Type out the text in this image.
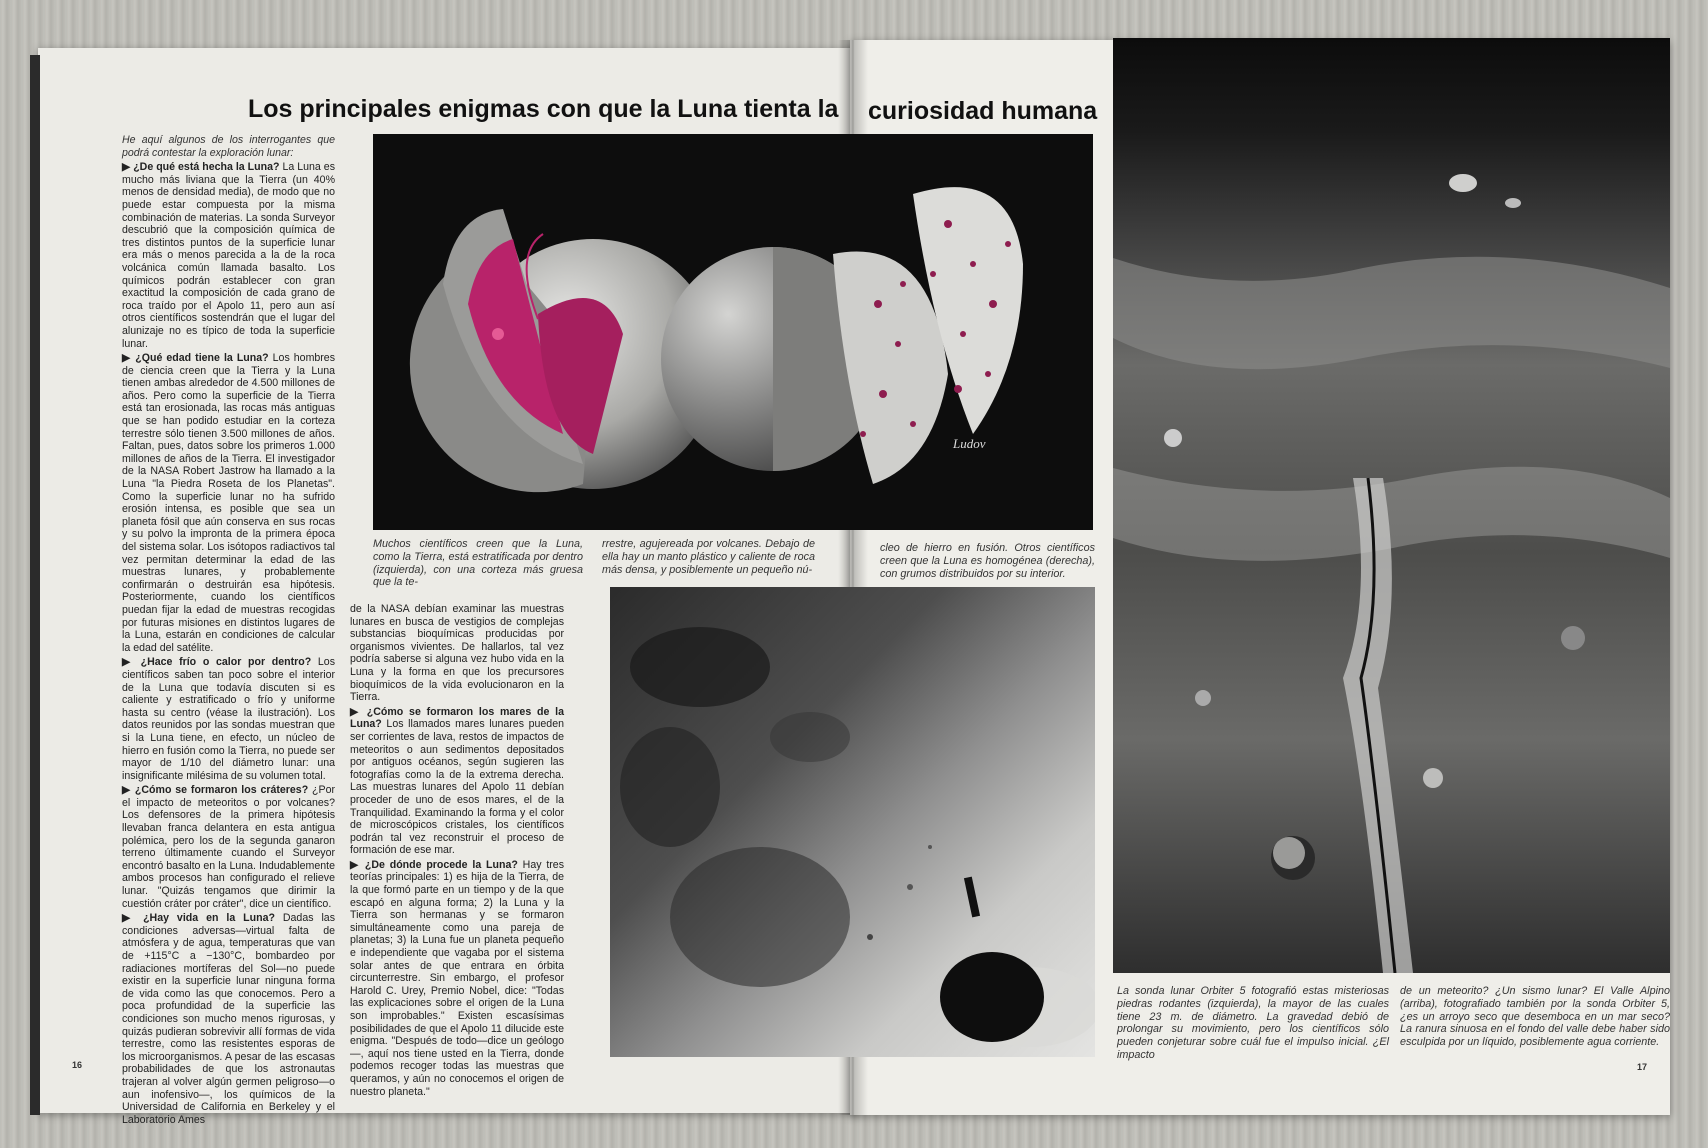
Los principales enigmas con que la Luna tienta la curiosidad humana

He aquí algunos de los interrogantes que podrá contestar la exploración lunar:

▶ ¿De qué está hecha la Luna? La Luna es mucho más liviana que la Tierra (un 40% menos de densidad media), de modo que no puede estar compuesta por la misma combinación de materias. La sonda Surveyor descubrió que la composición química de tres distintos puntos de la superficie lunar era más o menos parecida a la de la roca volcánica común llamada basalto. Los químicos podrán establecer con gran exactitud la composición de cada grano de roca traído por el Apolo 11, pero aun así otros científicos sostendrán que el lugar del alunizaje no es típico de toda la superficie lunar.

▶ ¿Qué edad tiene la Luna? Los hombres de ciencia creen que la Tierra y la Luna tienen ambas alrededor de 4.500 millones de años. Pero como la superficie de la Tierra está tan erosionada, las rocas más antiguas que se han podido estudiar en la corteza terrestre sólo tienen 3.500 millones de años. Faltan, pues, datos sobre los primeros 1.000 millones de años de la Tierra. El investigador de la NASA Robert Jastrow ha llamado a la Luna "la Piedra Roseta de los Planetas". Como la superficie lunar no ha sufrido erosión intensa, es posible que sea un planeta fósil que aún conserva en sus rocas y su polvo la impronta de la primera época del sistema solar. Los isótopos radiactivos tal vez permitan determinar la edad de las muestras lunares, y probablemente confirmarán o destruirán esa hipótesis. Posteriormente, cuando los científicos puedan fijar la edad de muestras recogidas por futuras misiones en distintos lugares de la Luna, estarán en condiciones de calcular la edad del satélite.

▶ ¿Hace frío o calor por dentro? Los científicos saben tan poco sobre el interior de la Luna que todavía discuten si es caliente y estratificado o frío y uniforme hasta su centro (véase la ilustración). Los datos reunidos por las sondas muestran que si la Luna tiene, en efecto, un núcleo de hierro en fusión como la Tierra, no puede ser mayor de 1/10 del diámetro lunar: una insignificante milésima de su volumen total.

▶ ¿Cómo se formaron los cráteres? ¿Por el impacto de meteoritos o por volcanes? Los defensores de la primera hipótesis llevaban franca delantera en esta antigua polémica, pero los de la segunda ganaron terreno últimamente cuando el Surveyor encontró basalto en la Luna. Indudablemente ambos procesos han configurado el relieve lunar. "Quizás tengamos que dirimir la cuestión cráter por cráter", dice un científico.

▶ ¿Hay vida en la Luna? Dadas las condiciones adversas—virtual falta de atmósfera y de agua, temperaturas que van de +115°C a −130°C, bombardeo por radiaciones mortíferas del Sol—no puede existir en la superficie lunar ninguna forma de vida como las que conocemos. Pero a poca profundidad de la superficie las condiciones son mucho menos rigurosas, y quizás pudieran sobrevivir allí formas de vida terrestre, como las resistentes esporas de los microorganismos. A pesar de las escasas probabilidades de que los astronautas trajeran al volver algún germen peligroso—o aun inofensivo—, los químicos de la Universidad de California en Berkeley y el Laboratorio Ames

de la NASA debían examinar las muestras lunares en busca de vestigios de complejas substancias bioquímicas producidas por organismos vivientes. De hallarlos, tal vez podría saberse si alguna vez hubo vida en la Luna y la forma en que los precursores bioquímicos de la vida evolucionaron en la Tierra.

▶ ¿Cómo se formaron los mares de la Luna? Los llamados mares lunares pueden ser corrientes de lava, restos de impactos de meteoritos o aun sedimentos depositados por antiguos océanos, según sugieren las fotografías como la de la extrema derecha. Las muestras lunares del Apolo 11 debían proceder de uno de esos mares, el de la Tranquilidad. Examinando la forma y el color de microscópicos cristales, los científicos podrán tal vez reconstruir el proceso de formación de ese mar.

▶ ¿De dónde procede la Luna? Hay tres teorías principales: 1) es hija de la Tierra, de la que formó parte en un tiempo y de la que escapó en alguna forma; 2) la Luna y la Tierra son hermanas y se formaron simultáneamente como una pareja de planetas; 3) la Luna fue un planeta pequeño e independiente que vagaba por el sistema solar antes de que entrara en órbita circunterrestre. Sin embargo, el profesor Harold C. Urey, Premio Nobel, dice: "Todas las explicaciones sobre el origen de la Luna son improbables." Existen escasísimas posibilidades de que el Apolo 11 dilucide este enigma. "Después de todo—dice un geólogo—, aquí nos tiene usted en la Tierra, donde podemos recoger todas las muestras que queramos, y aún no conocemos el origen de nuestro planeta."

Ludov
Muchos científicos creen que la Luna, como la Tierra, está estratificada por dentro (izquierda), con una corteza más gruesa que la te-
rrestre, agujereada por volcanes. Debajo de ella hay un manto plástico y caliente de roca más densa, y posiblemente un pequeño nú-
cleo de hierro en fusión. Otros científicos creen que la Luna es homogénea (derecha), con grumos distribuidos por su interior.
La sonda lunar Orbiter 5 fotografió estas misteriosas piedras rodantes (izquierda), la mayor de las cuales tiene 23 m. de diámetro. La gravedad debió de prolongar su movimiento, pero los científicos sólo pueden conjeturar sobre cuál fue el impulso inicial. ¿El impacto
de un meteorito? ¿Un sismo lunar? El Valle Alpino (arriba), fotografiado también por la sonda Orbiter 5, ¿es un arroyo seco que desemboca en un mar seco? La ranura sinuosa en el fondo del valle debe haber sido esculpida por un líquido, posiblemente agua corriente.
16	17
